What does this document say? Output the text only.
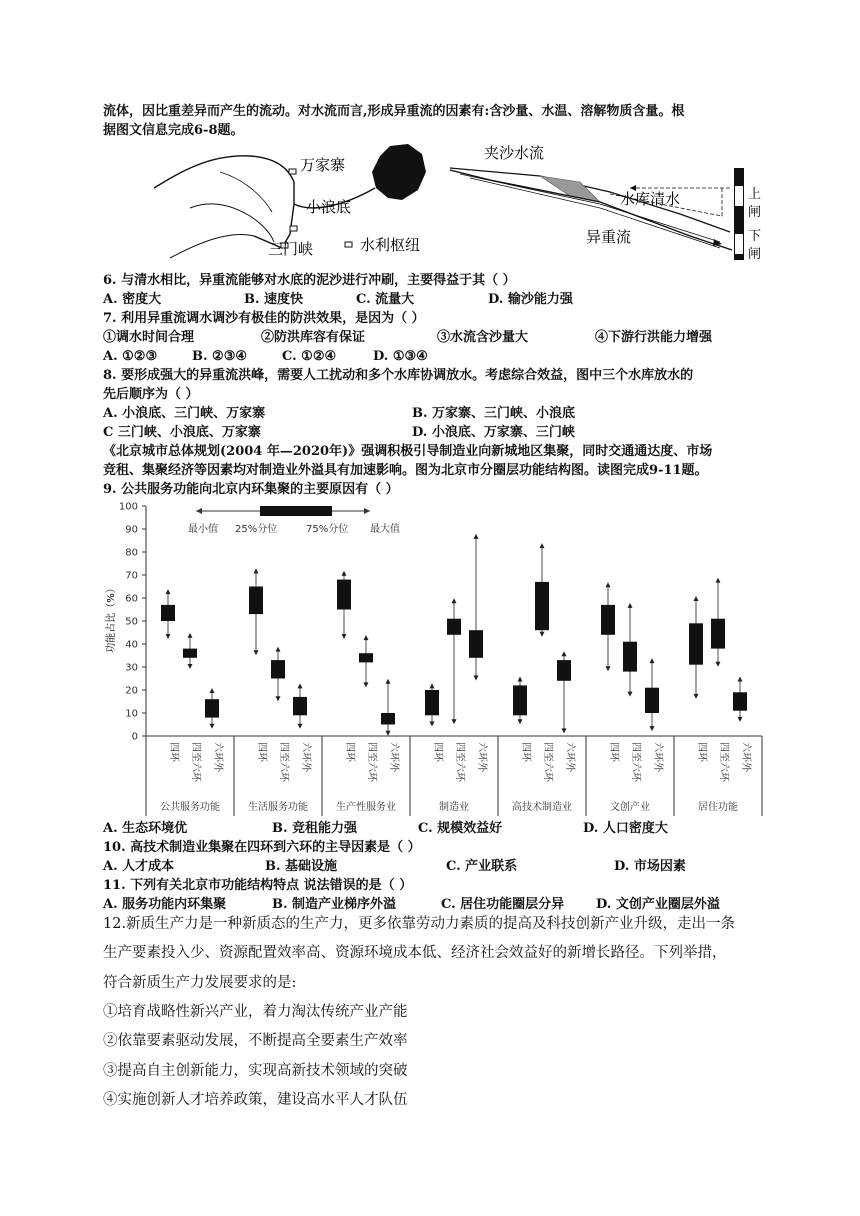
流体，因比重差异而产生的流动。对水流而言,形成异重流的因素有:含沙量、水温、溶解物质含量。根
据图文信息完成6-8题。
万家寨
小浪底
三门峡	水利枢纽
夹沙水流
水库清水
异重流
上
闸
下
闸
6. 与清水相比，异重流能够对水底的泥沙进行冲刷，主要得益于其（ ）
A. 密度大	B. 速度快	C. 流量大	D. 输沙能力强
7. 利用异重流调水调沙有极佳的防洪效果，是因为（ ）
①调水时间合理	②防洪库容有保证	③水流含沙量大	④下游行洪能力增强
A. ①②③	B. ②③④	C. ①②④	D. ①③④
8. 要形成强大的异重流洪峰，需要人工扰动和多个水库协调放水。考虑综合效益，图中三个水库放水的
先后顺序为（ ）
A. 小浪底、三门峡、万家寨	B. 万家寨、三门峡、小浪底
C 三门峡、小浪底、万家寨	D. 小浪底、万家寨、三门峡
《北京城市总体规划(2004 年—2020年)》强调积极引导制造业向新城地区集聚，同时交通通达度、市场
竞租、集聚经济等因素均对制造业外溢具有加速影响。图为北京市分圈层功能结构图。读图完成9-11题。
9. 公共服务功能向北京内环集聚的主要原因有（ ）
功能占比（%）
0
10
20
30
40
50
60
70
80
90
100
最小值 25%分位	75%分位 最大值
公共服务功能
四环 四至六环 六环外
生活服务功能
四环 四至六环 六环外
生产性服务业
四环 四至六环 六环外
制造业
四环 四至六环 六环外
高技术制造业
四环 四至六环 六环外
文创产业
四环 四至六环 六环外
居住功能
四环 四至六环 六环外
A. 生态环境优	B. 竞租能力强	C. 规模效益好	D. 人口密度大
10. 高技术制造业集聚在四环到六环的主导因素是（ ）
A. 人才成本	B. 基础设施	C. 产业联系	D. 市场因素
11. 下列有关北京市功能结构特点 说法错误的是（ ）
A. 服务功能内环集聚	B. 制造产业梯序外溢	C. 居住功能圈层分异 D. 文创产业圈层外溢
12.新质生产力是一种新质态的生产力，更多依靠劳动力素质的提高及科技创新产业升级，走出一条
生产要素投入少、资源配置效率高、资源环境成本低、经济社会效益好的新增长路径。下列举措，
符合新质生产力发展要求的是:
①培育战略性新兴产业，着力淘汰传统产业产能
②依靠要素驱动发展，不断提高全要素生产效率
③提高自主创新能力，实现高新技术领域的突破
④实施创新人才培养政策，建设高水平人才队伍
